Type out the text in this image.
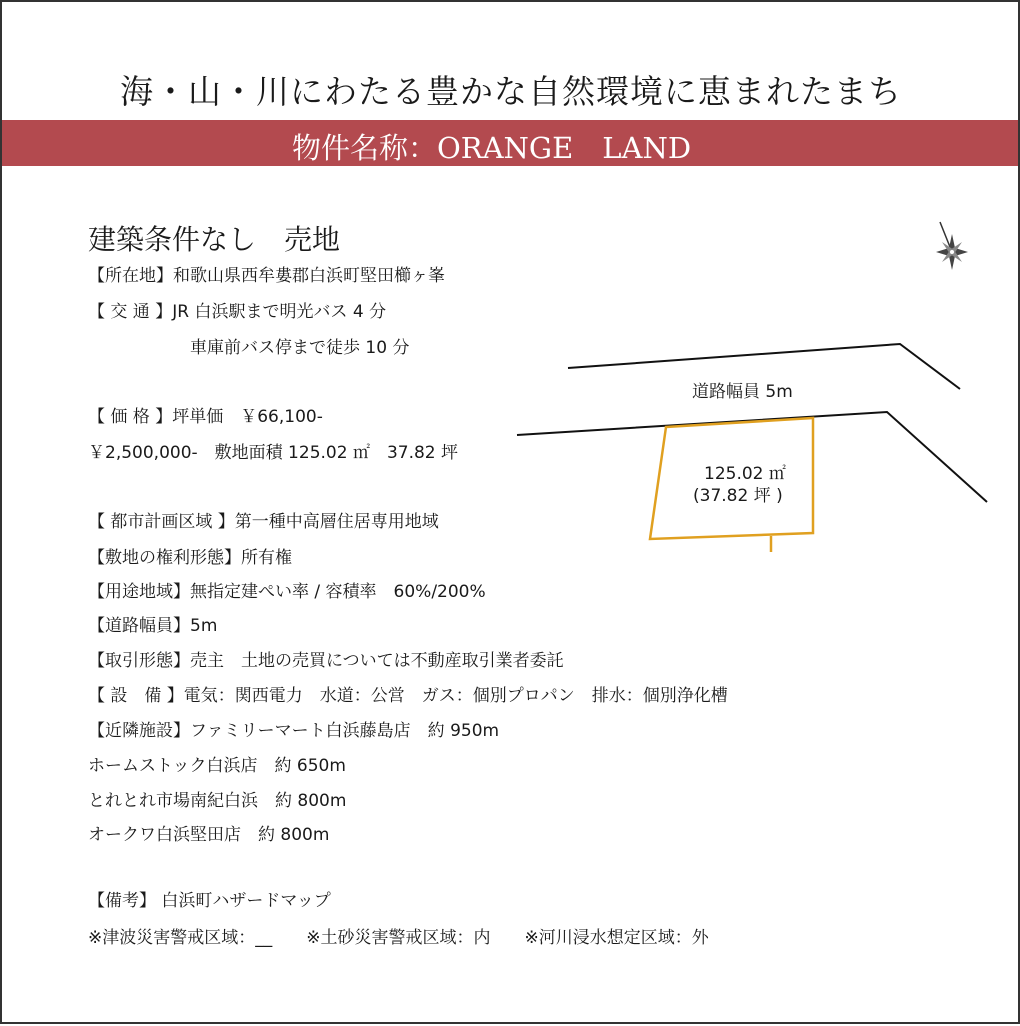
海・山・川にわたる豊かな自然環境に恵まれたまち
物件名称：ORANGE　LAND
建築条件なし　売地
【所在地】和歌山県西牟婁郡白浜町堅田櫛ヶ峯
【 交 通 】JR 白浜駅まで明光バス 4 分
　　　　　　車庫前バス停まで徒歩 10 分
【 価 格 】坪単価　￥66,100-
￥2,500,000-　敷地面積 125.02 ㎡　37.82 坪
【 都市計画区域 】第一種中高層住居専用地域
【敷地の権利形態】所有権
【用途地域】無指定建ぺい率 / 容積率　60%/200%
【道路幅員】5m
【取引形態】売主　土地の売買については不動産取引業者委託
【 設　備 】電気：関西電力　水道：公営　ガス：個別プロパン　排水：個別浄化槽
【近隣施設】ファミリーマート白浜藤島店　約 950m
ホームストック白浜店　約 650m
とれとれ市場南紀白浜　約 800m
オークワ白浜堅田店　約 800m
【備考】 白浜町ハザードマップ
※津波災害警戒区域：__　　※土砂災害警戒区域：内　　※河川浸水想定区域：外
道路幅員 5m
125.02 ㎡
(37.82 坪 )
